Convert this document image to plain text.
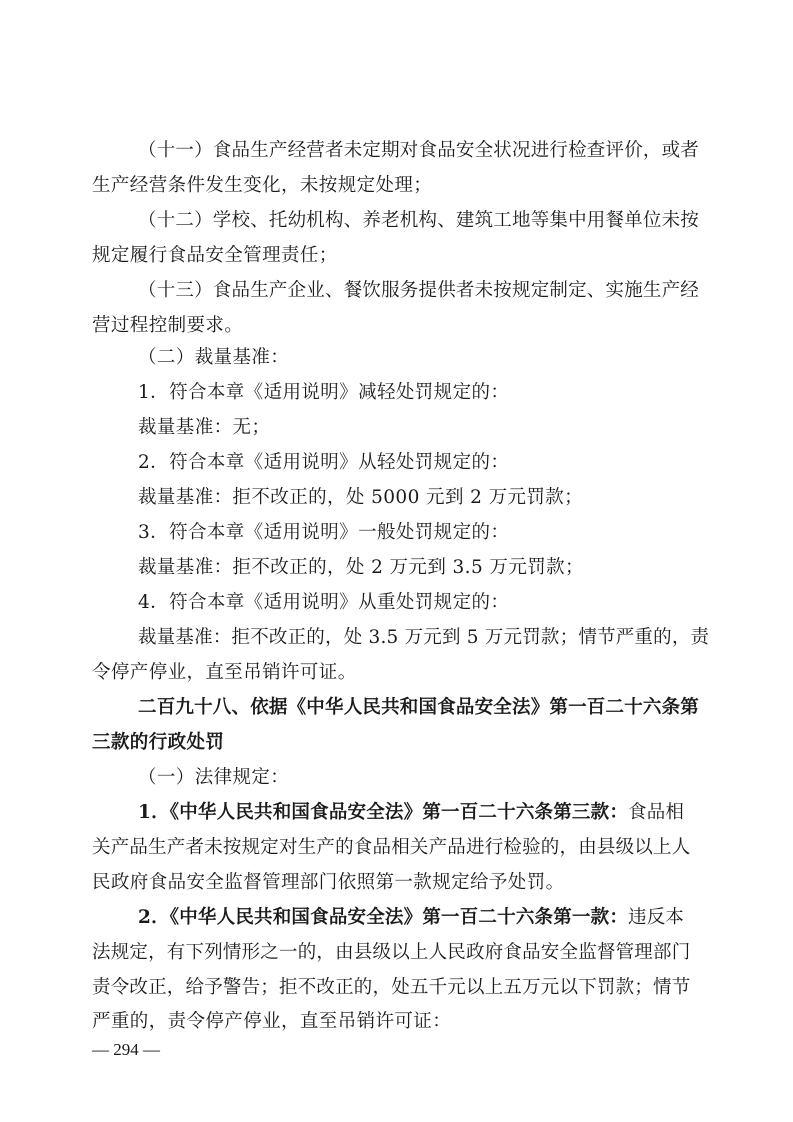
（十一）食品生产经营者未定期对食品安全状况进行检查评价，或者
生产经营条件发生变化，未按规定处理；
（十二）学校、托幼机构、养老机构、建筑工地等集中用餐单位未按
规定履行食品安全管理责任；
（十三）食品生产企业、餐饮服务提供者未按规定制定、实施生产经
营过程控制要求。
（二）裁量基准：
1．符合本章《适用说明》减轻处罚规定的：
裁量基准：无；
2．符合本章《适用说明》从轻处罚规定的：
裁量基准：拒不改正的，处 5000 元到 2 万元罚款；
3．符合本章《适用说明》一般处罚规定的：
裁量基准：拒不改正的，处 2 万元到 3.5 万元罚款；
4．符合本章《适用说明》从重处罚规定的：
裁量基准：拒不改正的，处 3.5 万元到 5 万元罚款；情节严重的，责
令停产停业，直至吊销许可证。
二百九十八、依据《中华人民共和国食品安全法》第一百二十六条第
三款的行政处罚
（一）法律规定：
1．《中华人民共和国食品安全法》第一百二十六条第三款：食品相
关产品生产者未按规定对生产的食品相关产品进行检验的，由县级以上人
民政府食品安全监督管理部门依照第一款规定给予处罚。
2．《中华人民共和国食品安全法》第一百二十六条第一款：违反本
法规定，有下列情形之一的，由县级以上人民政府食品安全监督管理部门
责令改正，给予警告；拒不改正的，处五千元以上五万元以下罚款；情节
严重的，责令停产停业，直至吊销许可证：
— 294 —
